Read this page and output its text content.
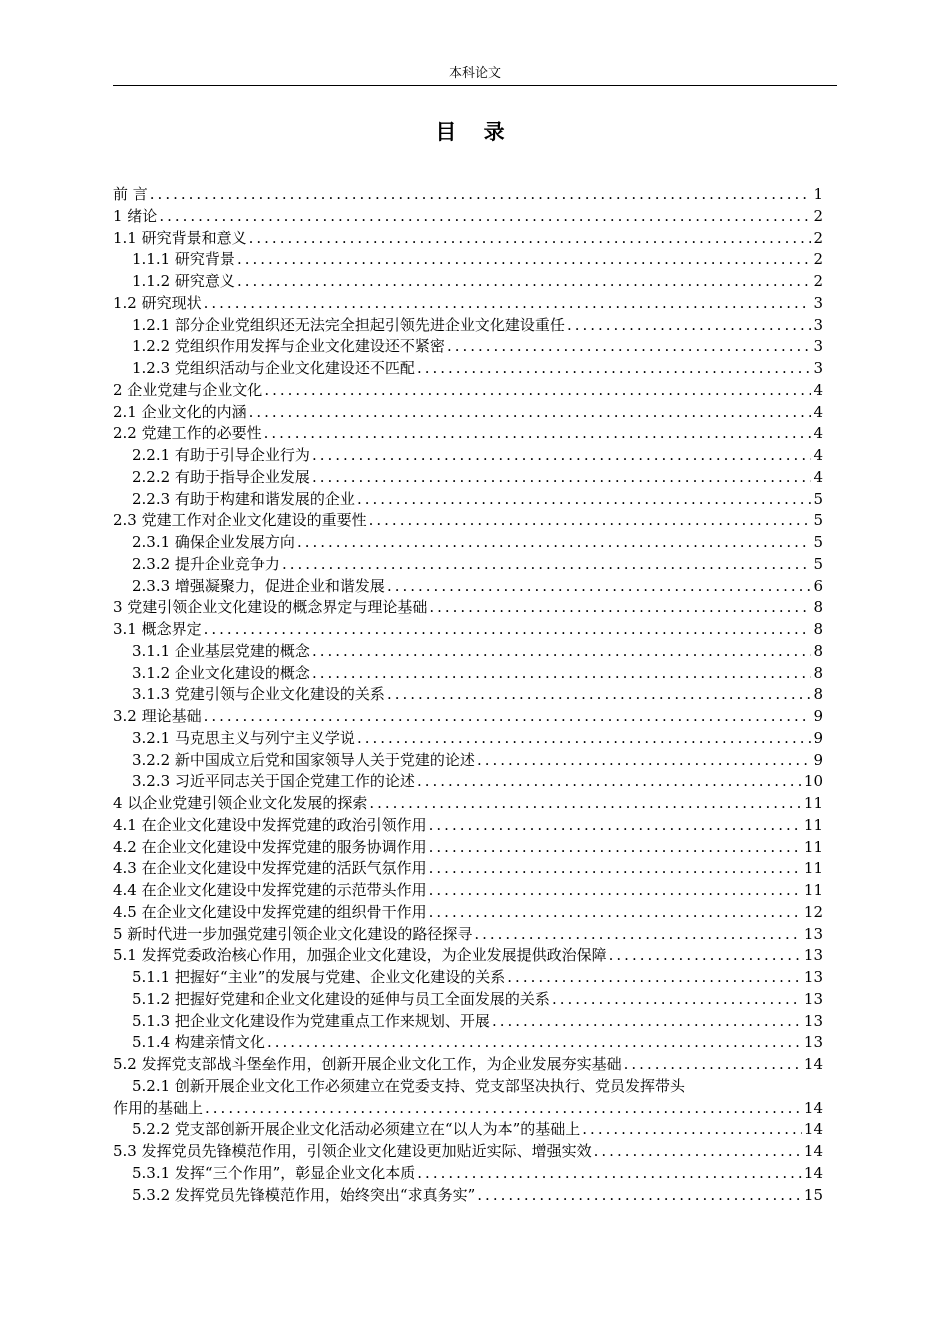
本科论文
目 录
前 言 .....	1
1 绪论 .....	2
1.1 研究背景和意义 .....	2
1.1.1 研究背景 .....	2
1.1.2 研究意义 .....	2
1.2 研究现状 .....	3
1.2.1 部分企业党组织还无法完全担起引领先进企业文化建设重任 .....	3
1.2.2 党组织作用发挥与企业文化建设还不紧密 .....	3
1.2.3 党组织活动与企业文化建设还不匹配 .....	3
2 企业党建与企业文化 .....	4
2.1 企业文化的内涵 .....	4
2.2 党建工作的必要性 .....	4
2.2.1 有助于引导企业行为 .....	4
2.2.2 有助于指导企业发展 .....	4
2.2.3 有助于构建和谐发展的企业 .....	5
2.3 党建工作对企业文化建设的重要性 .....	5
2.3.1 确保企业发展方向 .....	5
2.3.2 提升企业竞争力 .....	5
2.3.3 增强凝聚力，促进企业和谐发展 .....	6
3 党建引领企业文化建设的概念界定与理论基础 .....	8
3.1 概念界定 .....	8
3.1.1 企业基层党建的概念 .....	8
3.1.2 企业文化建设的概念 .....	8
3.1.3 党建引领与企业文化建设的关系 .....	8
3.2 理论基础 .....	9
3.2.1 马克思主义与列宁主义学说 .....	9
3.2.2 新中国成立后党和国家领导人关于党建的论述 .....	9
3.2.3 习近平同志关于国企党建工作的论述 .....	10
4 以企业党建引领企业文化发展的探索 .....	11
4.1 在企业文化建设中发挥党建的政治引领作用 .....	11
4.2 在企业文化建设中发挥党建的服务协调作用 .....	11
4.3 在企业文化建设中发挥党建的活跃气氛作用 .....	11
4.4 在企业文化建设中发挥党建的示范带头作用 .....	11
4.5 在企业文化建设中发挥党建的组织骨干作用 .....	12
5 新时代进一步加强党建引领企业文化建设的路径探寻 .....	13
5.1 发挥党委政治核心作用，加强企业文化建设，为企业发展提供政治保障 .....	13
5.1.1 把握好“主业”的发展与党建、企业文化建设的关系 .....	13
5.1.2 把握好党建和企业文化建设的延伸与员工全面发展的关系 .....	13
5.1.3 把企业文化建设作为党建重点工作来规划、开展 .....	13
5.1.4 构建亲情文化 .....	13
5.2 发挥党支部战斗堡垒作用，创新开展企业文化工作，为企业发展夯实基础 .....	14
5.2.1 创新开展企业文化工作必须建立在党委支持、党支部坚决执行、党员发挥带头
作用的基础上 .....	14
5.2.2 党支部创新开展企业文化活动必须建立在“以人为本”的基础上 .....	14
5.3 发挥党员先锋模范作用，引领企业文化建设更加贴近实际、增强实效 .....	14
5.3.1 发挥“三个作用”，彰显企业文化本质 .....	14
5.3.2 发挥党员先锋模范作用，始终突出“求真务实” .....	15
